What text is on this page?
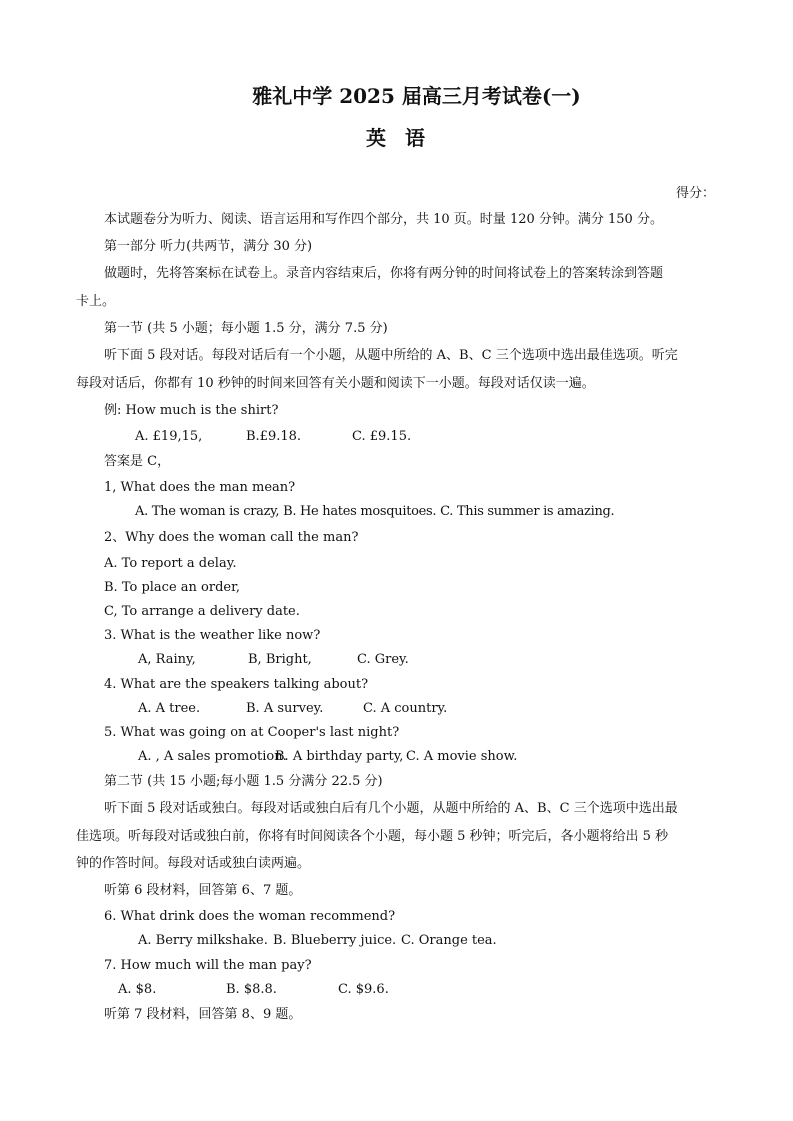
雅礼中学 2025 届高三月考试卷(一)
英 语
得分：
本试题卷分为听力、阅读、语言运用和写作四个部分，共 10 页。时量 120 分钟。满分 150 分。
第一部分 听力(共两节，满分 30 分)
做题时，先将答案标在试卷上。录音内容结束后，你将有两分钟的时间将试卷上的答案转涂到答题
卡上。
第一节 (共 5 小题；每小题 1.5 分，满分 7.5 分)
听下面 5 段对话。每段对话后有一个小题，从题中所给的 A、B、C 三个选项中选出最佳选项。听完
每段对话后，你都有 10 秒钟的时间来回答有关小题和阅读下一小题。每段对话仅读一遍。
例: How much is the shirt?
A. £19,15,	B.£9.18.	C. £9.15.
答案是 C，
1, What does the man mean?
A. The woman is crazy, B. He hates mosquitoes. C. This summer is amazing.
2、Why does the woman call the man?
A. To report a delay.
B. To place an order,
C, To arrange a delivery date.
3. What is the weather like now?
A, Rainy,	B, Bright,	C. Grey.
4. What are the speakers talking about?
A. A tree.	B. A survey.	C. A country.
5. What was going on at Cooper's last night?
A. , A sales promotion.
B. A birthday party, C. A movie show.
第二节 (共 15 小题;每小题 1.5 分满分 22.5 分)
听下面 5 段对话或独白。每段对话或独白后有几个小题，从题中所给的 A、B、C 三个选项中选出最
佳选项。听每段对话或独白前，你将有时间阅读各个小题，每小题 5 秒钟；听完后，各小题将给出 5 秒
钟的作答时间。每段对话或独白读两遍。
听第 6 段材料，回答第 6、7 题。
6. What drink does the woman recommend?
A. Berry milkshake. B. Blueberry juice. C. Orange tea.
7. How much will the man pay?
A. $8.	B. $8.8.	C. $9.6.
听第 7 段材料，回答第 8、9 题。
